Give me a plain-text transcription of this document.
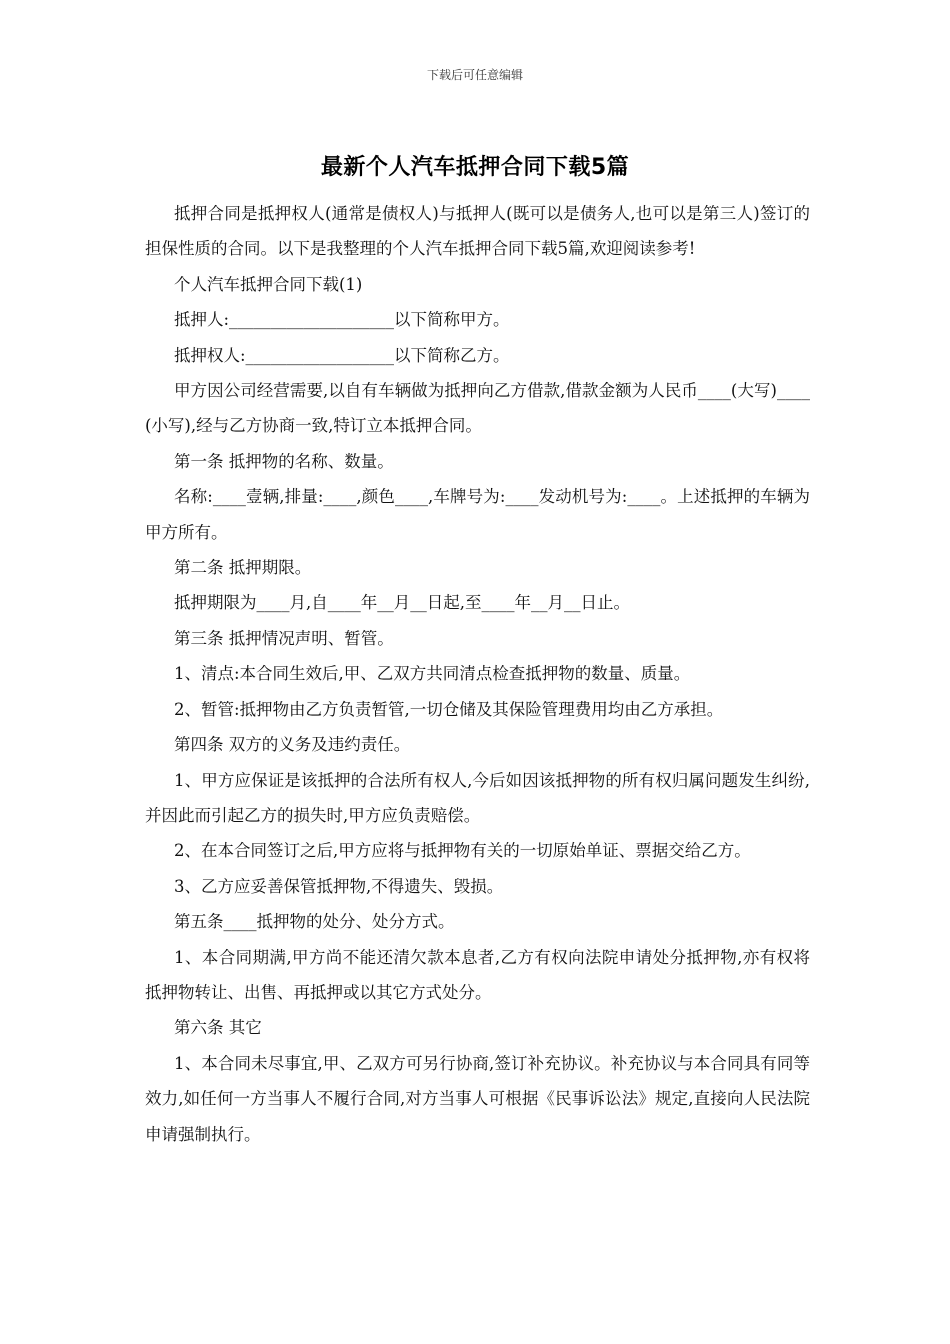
下载后可任意编辑
最新个人汽车抵押合同下载5篇

抵押合同是抵押权人(通常是债权人)与抵押人(既可以是债务人,也可以是第三人)签订的担保性质的合同。以下是我整理的个人汽车抵押合同下载5篇,欢迎阅读参考!

个人汽车抵押合同下载(1)

抵押人:____________________以下简称甲方。

抵押权人:__________________以下简称乙方。

甲方因公司经营需要,以自有车辆做为抵押向乙方借款,借款金额为人民币____(大写)____(小写),经与乙方协商一致,特订立本抵押合同。

第一条 抵押物的名称、数量。

名称:____壹辆,排量:____,颜色____,车牌号为:____发动机号为:____。上述抵押的车辆为甲方所有。

第二条 抵押期限。

抵押期限为____月,自____年__月__日起,至____年__月__日止。

第三条 抵押情况声明、暂管。

1、清点:本合同生效后,甲、乙双方共同清点检查抵押物的数量、质量。

2、暂管:抵押物由乙方负责暂管,一切仓储及其保险管理费用均由乙方承担。

第四条 双方的义务及违约责任。

1、甲方应保证是该抵押的合法所有权人,今后如因该抵押物的所有权归属问题发生纠纷,并因此而引起乙方的损失时,甲方应负责赔偿。

2、在本合同签订之后,甲方应将与抵押物有关的一切原始单证、票据交给乙方。

3、乙方应妥善保管抵押物,不得遗失、毁损。

第五条____抵押物的处分、处分方式。

1、本合同期满,甲方尚不能还清欠款本息者,乙方有权向法院申请处分抵押物,亦有权将抵押物转让、出售、再抵押或以其它方式处分。

第六条 其它

1、本合同未尽事宜,甲、乙双方可另行协商,签订补充协议。补充协议与本合同具有同等效力,如任何一方当事人不履行合同,对方当事人可根据《民事诉讼法》规定,直接向人民法院申请强制执行。
